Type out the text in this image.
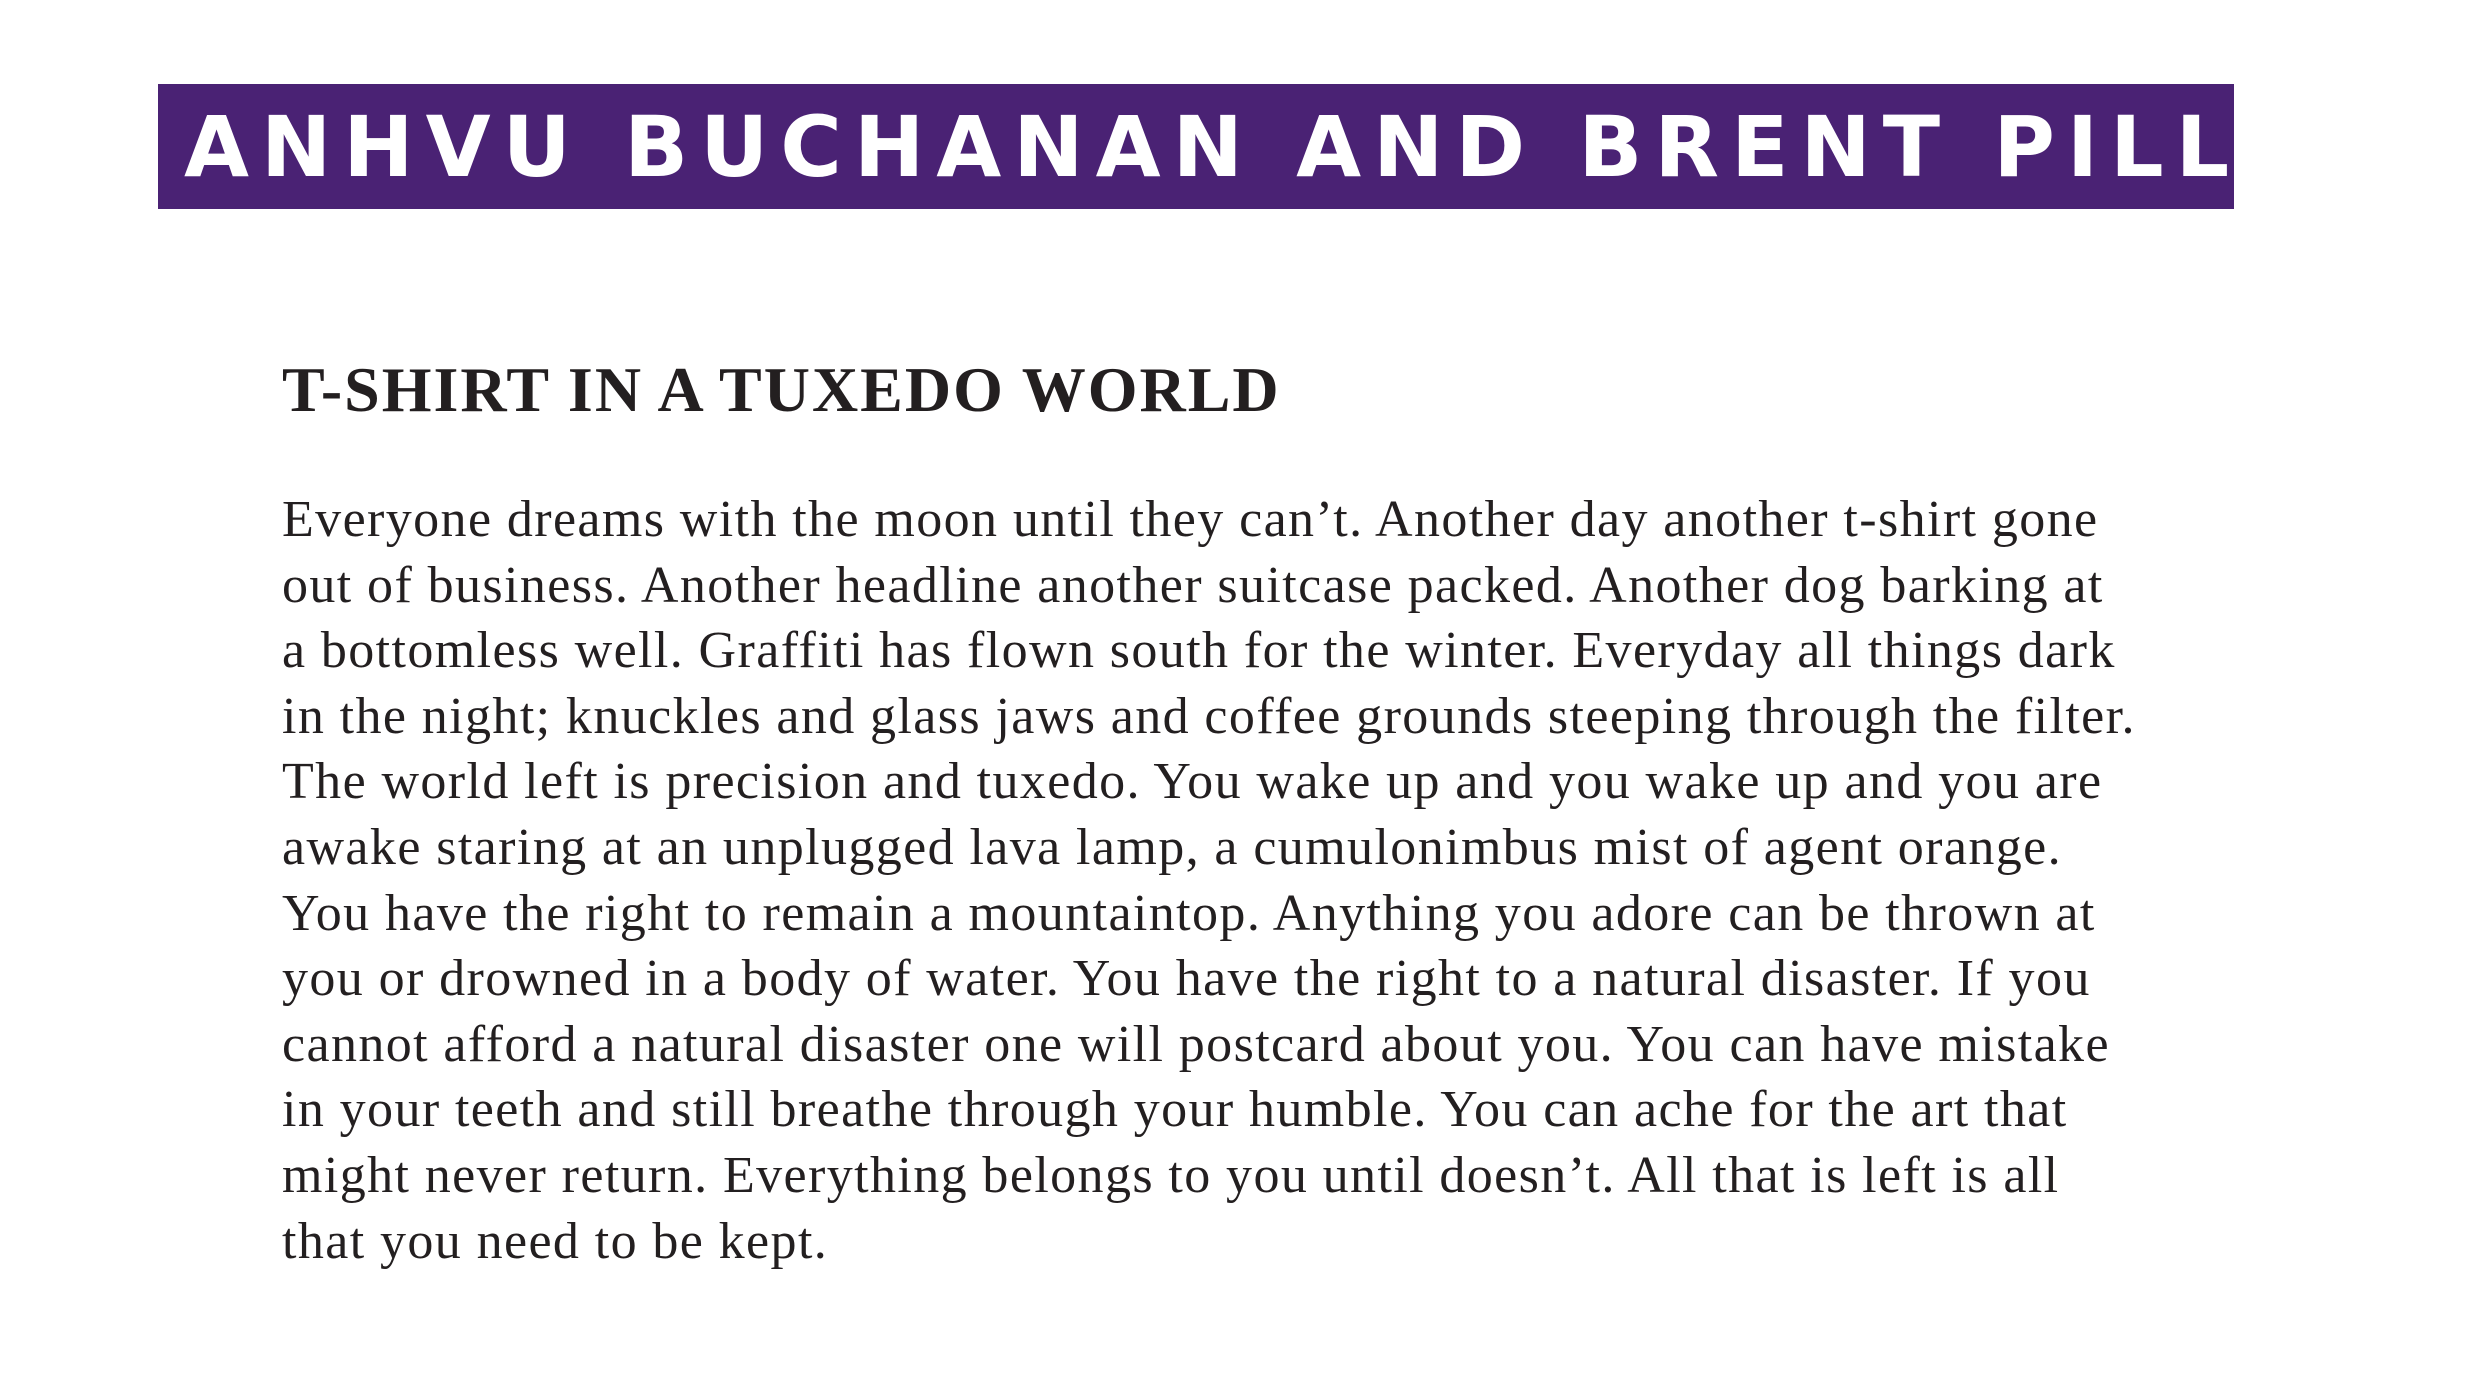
ANHVU BUCHANAN AND BRENT PILLER
T-SHIRT IN A TUXEDO WORLD

Everyone dreams with the moon until they can’t. Another day another t-shirt gone
out of business. Another headline another suitcase packed. Another dog barking at
a bottomless well. Graffiti has flown south for the winter. Everyday all things dark
in the night; knuckles and glass jaws and coffee grounds steeping through the filter.
The world left is precision and tuxedo. You wake up and you wake up and you are
awake staring at an unplugged lava lamp, a cumulonimbus mist of agent orange.
You have the right to remain a mountaintop. Anything you adore can be thrown at
you or drowned in a body of water. You have the right to a natural disaster. If you
cannot afford a natural disaster one will postcard about you. You can have mistake
in your teeth and still breathe through your humble. You can ache for the art that
might never return. Everything belongs to you until doesn’t. All that is left is all
that you need to be kept.
